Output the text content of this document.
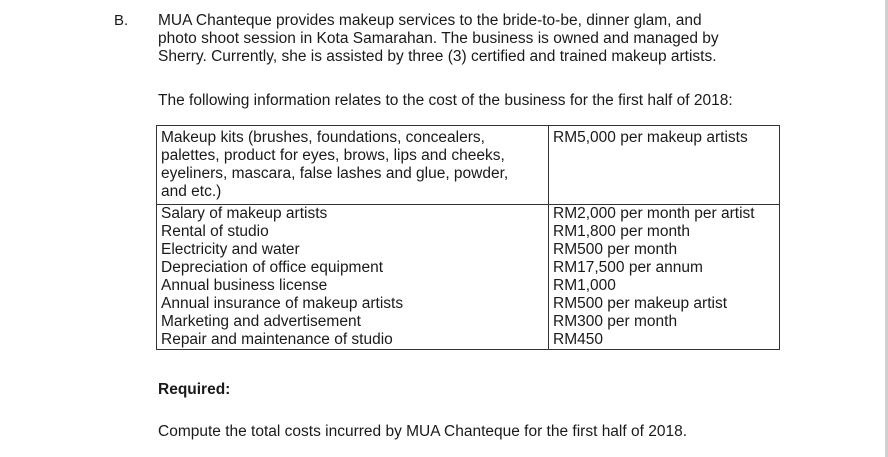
B. MUA Chanteque provides makeup services to the bride-to-be, dinner glam, and
photo shoot session in Kota Samarahan. The business is owned and managed by
Sherry. Currently, she is assisted by three (3) certified and trained makeup artists.
The following information relates to the cost of the business for the first half of 2018:
Makeup kits (brushes, foundations, concealers,
palettes, product for eyes, brows, lips and cheeks,
eyeliners, mascara, false lashes and glue, powder,
and etc.)	RM5,000 per makeup artists
Salary of makeup artists	RM2,000 per month per artist
Rental of studio	RM1,800 per month
Electricity and water	RM500 per month
Depreciation of office equipment	RM17,500 per annum
Annual business license	RM1,000
Annual insurance of makeup artists	RM500 per makeup artist
Marketing and advertisement	RM300 per month
Repair and maintenance of studio	RM450
Required:
Compute the total costs incurred by MUA Chanteque for the first half of 2018.
